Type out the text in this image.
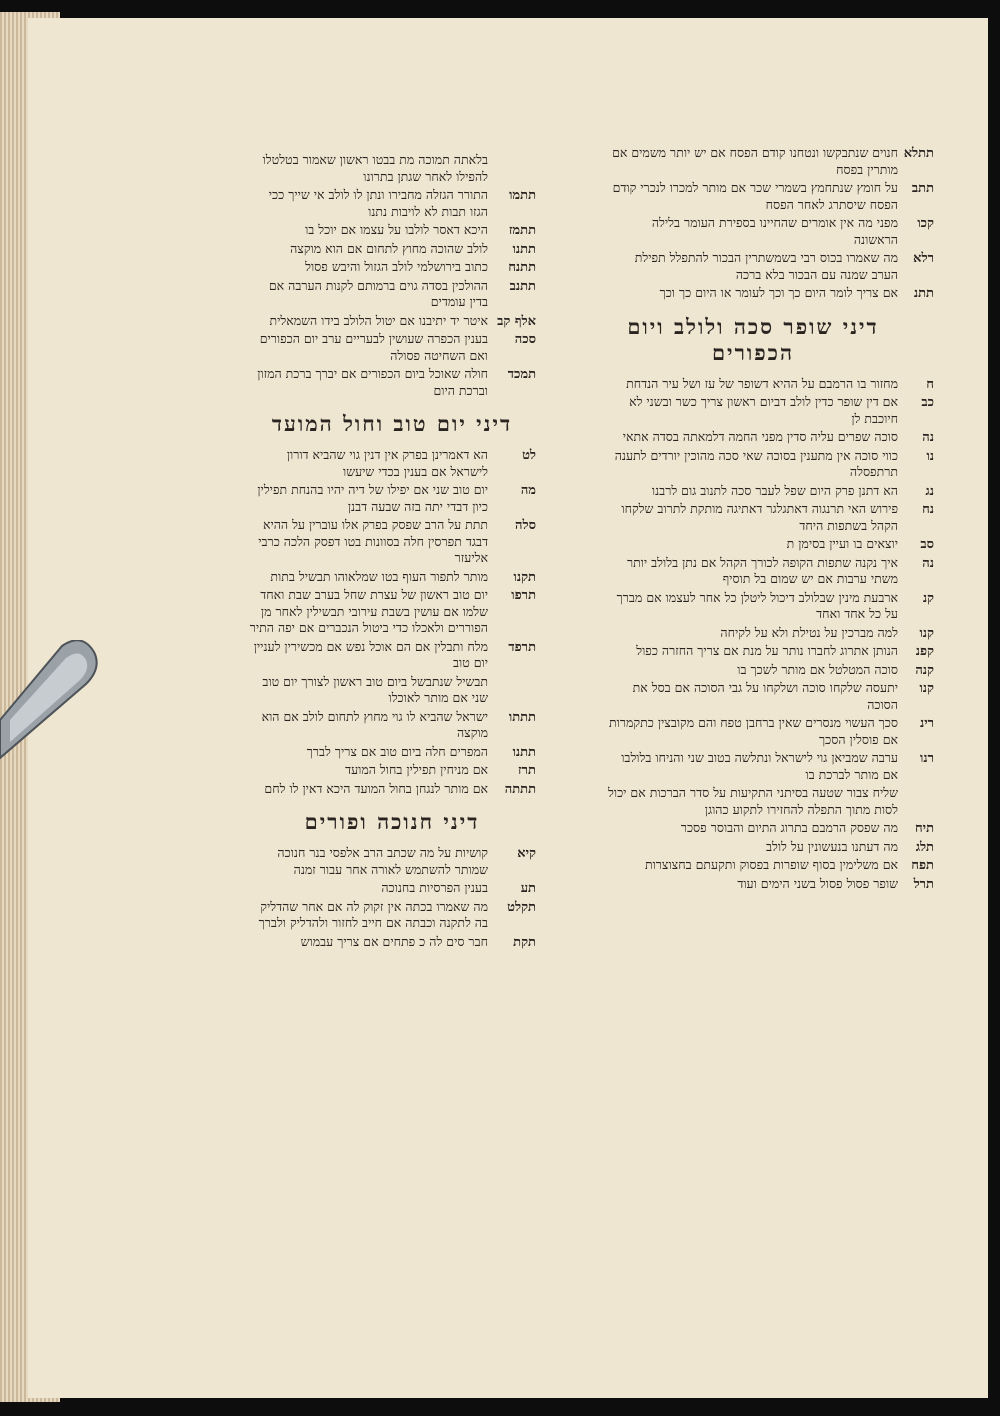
תתלא
חנוים שנתבקשו ונטחנו קודם הפסח אם יש יותר משמים אם מותרין בפסח
תתב
על חומץ שנתחמץ בשמרי שכר אם מותר למכרו לנכרי קודם הפסח שיסתרג לאחר הפסח
קכו
מפני מה אין אומרים שהחיינו בספירת העומר בלילה הראשונה
רלא
מה שאמרו בכוס רבי בשמשתרין הבכור להתפלל תפילת הערב שמנה עם הבכור בלא ברכה
תתנ
אם צריך לומר היום כך וכך לעומר או היום כך וכך
דיני שופר סכה ולולב ויום הכפורים
ח
מחזור בו הרמבם על ההיא דשופר של עז ושל עיר הנדחת
כב
אם דין שופר כדין לולב דביום ראשון צריך כשר ובשני לא חיוכבת לן
נה
סוכה שפרים עליה סדין מפני החמה דלמאתה בסדה אתאי
נו
כווי סוכה אין מתענין בסוכה שאי סכה מהוכין יורדים לתענה תרתפסלה
נג
הא דתנן פרק היום שפל לעבר סכה לתנוב גום לרבנו
נח
פירוש האי תרנגוה דאתגלגר דאתיגה מותקת לתרוב שלקחו הקהל בשתפות היחד
סב
יוצאים בו ועיין בסימן ת
נה
איך נקנה שתפות הקופה לכורך הקהל אם נתן בלולב יותר משתי ערבות אם יש שמום בל תוסיף
קנ
ארבעת מינין שבלולב דיכול ליטלן כל אחר לעצמו אם מברך על כל אחד ואחד
קנו
למה מברכין על נטילת ולא על לקיחה
קפנ
הנותן אתרוג לחברו נותר על מנת אם צריך החזרה כפול
קנה
סוכה המטלטל אם מותר לשכך בו
קנו
יתעסה שלקחו סוכה ושלקחו על גבי הסוכה אם בסל את הסוכה
רינ
סכך העשוי מנסרים שאין ברחבן טפח והם מקובצין כתקמרות אם פוסלין הסכך
רנו
ערבה שמביאן גוי לישראל ונתלשה בטוב שני והניחו בלולבו אם מותר לברכת בו
שליח צבור שטעה בסיתני התקיעות על סדר הברכות אם יכול לסות מתוך התפלה להחזירו לתקוע כהוגן
תיח
מה שפסק הרמבם בתרוג התיום והבוסר פסכר
תלג
מה דעתנו בנעשונין על לולב
תפח
אם משלימין בסוף שופרות בפסוק ותקעתם בחצוצרות
תרל
שופר פסול פסול בשני הימים ועוד
בלאתה תמוכה מת בבטו ראשון שאמור בטלטלו להפילו לאחר שגתן בתרונו
תתמו
התורר הגזלה מחבירו ונתן לו לולב אי שייך ככי הגזו תבות לא לויבות נתנו
תתמז
היכא דאסר לולבו על עצמו אם יוכל בו
תתנו
לולב שהוכה מחוץ לתחום אם הוא מוקצה
תתנח
כתוב בירושלמי לולב הגזול והיבש פסול
תתנב
ההולכין בסדה גוים ברמותם לקנות הערבה אם בדין עומדים
אלף קב
איטר יד יתיבנו אם יטול הלולב בידו השמאלית
סכה
בענין הכפרה שעושין לבעריים ערב יום הכפורים ואם השחיטה פסולה
תמכד
חולה שאוכל ביום הכפורים אם יברך ברכת המזון וברכת היום
דיני יום טוב וחול המועד
לט
הא דאמרינן בפרק אין דנין גוי שהביא דורון לישראל אם בענין בכדי שיעשו
מה
יום טוב שני אם יפילו של דיה יהיו בהנחת תפילין כיון דבדי יתה בזה שבעה דבנן
סלה
תתת על הרב שפסק בפרק אלו עוברין על ההיא דבגד תפרסין חלה בסוונות בטו דפסק הלכה כרבי אליעזר
תקנו
מותר לתפור העוף בטו שמלאוהו תבשיל בתות
תרפו
יום טוב ראשון של עצרת שחל בערב שבת ואחד שלמו אם עושין בשבת עירובי תבשילין לאחר מן הפוררים ולאכלו כדי ביטול הנכברים אם יפה התיר
תרפד
מלח ותבלין אם הם אוכל נפש אם מכשירין לעניין יום טוב
תבשיל שנתבשל ביום טוב ראשון לצורך יום טוב שני אם מותר לאוכלו
תתתו
ישראל שהביא לו גוי מחוץ לתחום לולב אם הוא מוקצה
תתנו
המפרים חלה ביום טוב אם צריך לברך
תרז
אם מניחין תפילין בחול המועד
תתתה
אם מותר לנגחן בחול המועד היכא דאין לו לחם
דיני חנוכה ופורים
קיא
קושיות על מה שכתב הרב אלפסי בנר חנוכה שמותר להשתמש לאורה אחר עבור זמנה
תע
בענין הפרסיות בחנוכה
תקלט
מה שאמרו בכתה אין זקוק לה אם אחר שהדליק בה לתקנה וכבתה אם חייב לחזור ולהדליק ולברך
תקת
חבר סים לה כ פתחים אם צריך עבמוש
